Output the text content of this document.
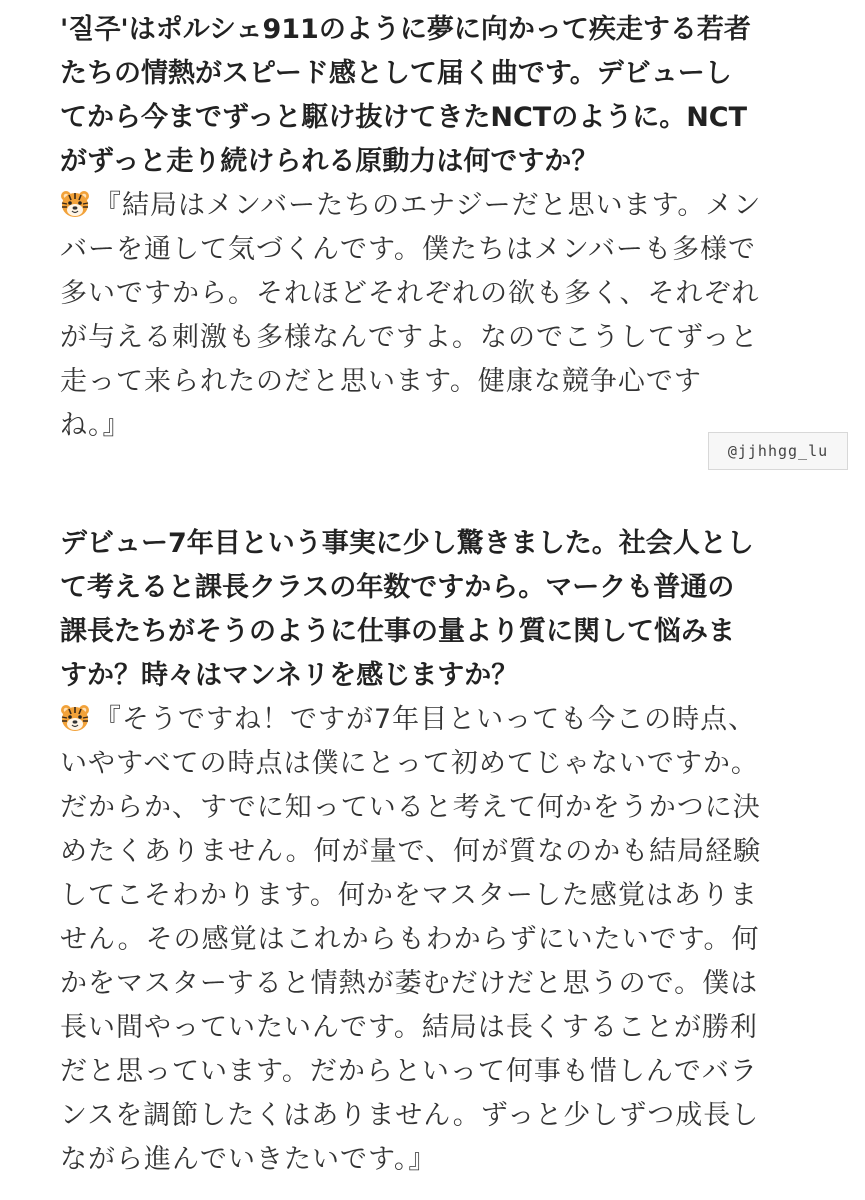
'질주'はポルシェ911のように夢に向かって疾走する若者
たちの情熱がスピード感として届く曲です。デビューし
てから今までずっと駆け抜けてきたNCTのように。NCT
がずっと走り続けられる原動力は何ですか？
『結局はメンバーたちのエナジーだと思います。メン
バーを通して気づくんです。僕たちはメンバーも多様で
多いですから。それほどそれぞれの欲も多く、それぞれ
が与える刺激も多様なんですよ。なのでこうしてずっと
走って来られたのだと思います。健康な競争心です
ね。』
デビュー7年目という事実に少し驚きました。社会人とし
て考えると課長クラスの年数ですから。マークも普通の
課長たちがそうのように仕事の量より質に関して悩みま
すか？時々はマンネリを感じますか？
『そうですね！ですが7年目といっても今この時点、
いやすべての時点は僕にとって初めてじゃないですか。
だからか、すでに知っていると考えて何かをうかつに決
めたくありません。何が量で、何が質なのかも結局経験
してこそわかります。何かをマスターした感覚はありま
せん。その感覚はこれからもわからずにいたいです。何
かをマスターすると情熱が萎むだけだと思うので。僕は
長い間やっていたいんです。結局は長くすることが勝利
だと思っています。だからといって何事も惜しんでバラ
ンスを調節したくはありません。ずっと少しずつ成長し
ながら進んでいきたいです。』
@jjhhgg_lu
